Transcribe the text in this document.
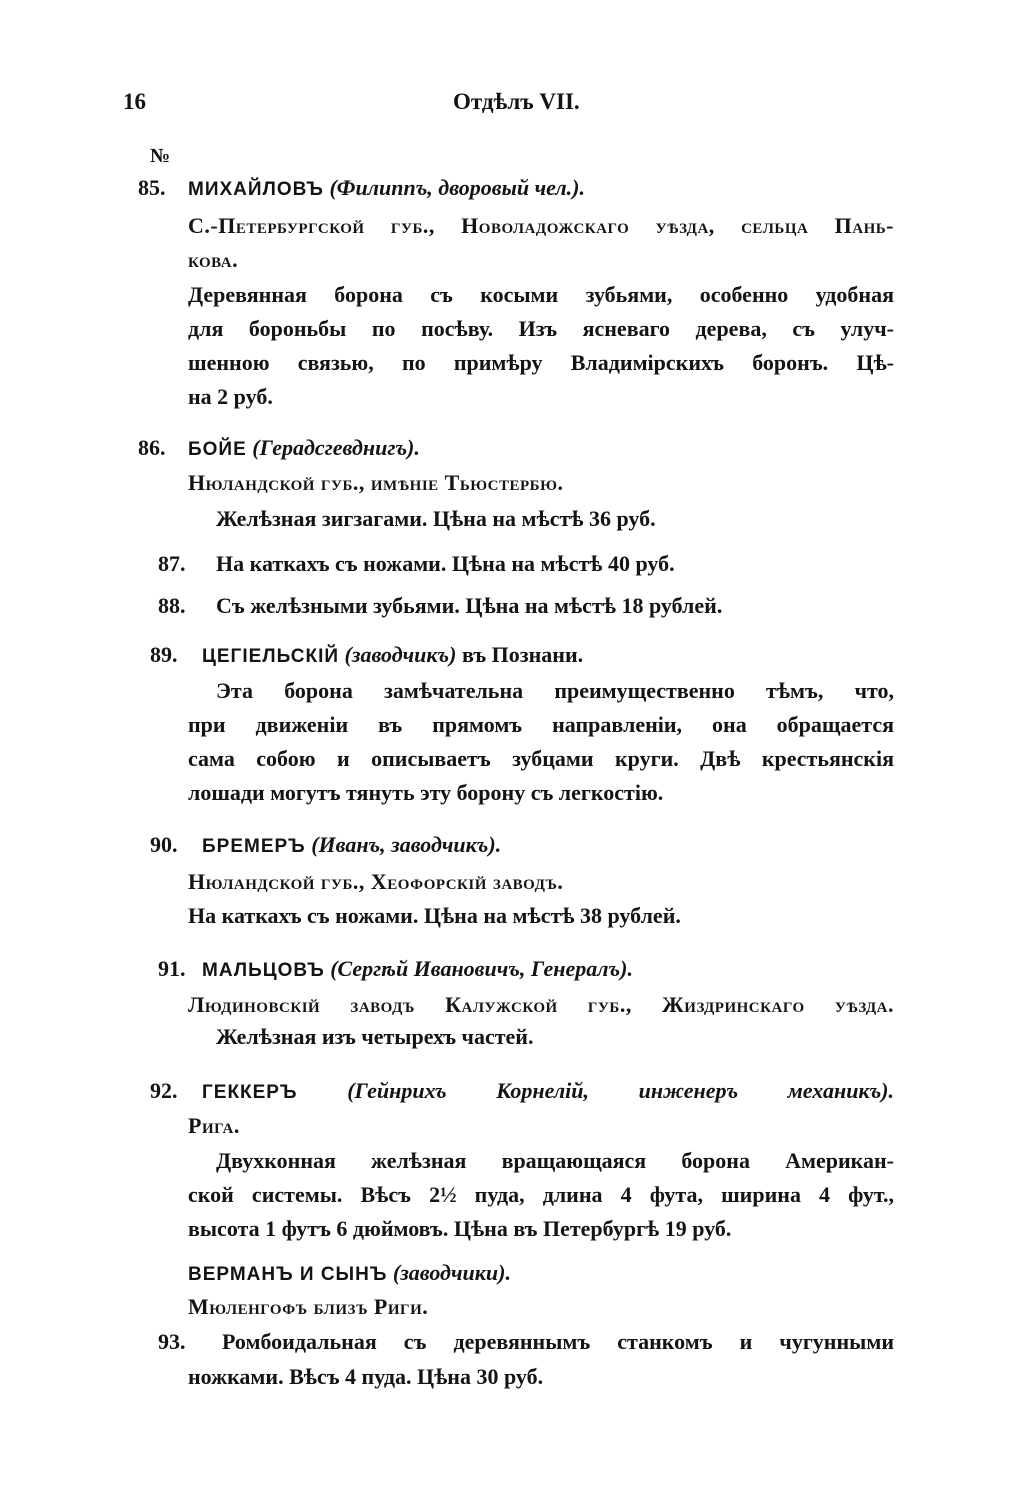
16	Отдѣлъ VII.
№
85. МИХАЙЛОВЪ (Филиппъ, дворовый чел.).
С.-Петербургской губ., Новоладожскаго уѣзда, сельца Пань-
кова.
Деревянная борона съ косыми зубьями, особенно удобная
для бороньбы по посѣву. Изъ ясневаго дерева, съ улуч-
шенною связью, по примѣру Владимірскихъ боронъ. Цѣ-
на 2 руб.
86. БОЙЕ (Герадсгевднигъ).
Нюландской губ., имѣніе Тьюстербю.
Желѣзная зигзагами. Цѣна на мѣстѣ 36 руб.
87. На каткахъ съ ножами. Цѣна на мѣстѣ 40 руб.
88. Съ желѣзными зубьями. Цѣна на мѣстѣ 18 рублей.
89. ЦЕГІЕЛЬСКІЙ (заводчикъ) въ Познани.
Эта борона замѣчательна преимущественно тѣмъ, что,
при движеніи въ прямомъ направленіи, она обращается
сама собою и описываетъ зубцами круги. Двѣ крестьянскія
лошади могутъ тянуть эту борону съ легкостію.
90. БРЕМЕРЪ (Иванъ, заводчикъ).
Нюландской губ., Хеофорскій заводъ.
На каткахъ съ ножами. Цѣна на мѣстѣ 38 рублей.
91. МАЛЬЦОВЪ (Сергѣй Ивановичъ, Генералъ).
Людиновскій заводъ Калужской губ., Жиздринскаго уѣзда.
Желѣзная изъ четырехъ частей.
92. ГЕККЕРЪ (Гейнрихъ Корнелій, инженеръ механикъ).
Рига.
Двухконная желѣзная вращающаяся борона Американ-
ской системы. Вѣсъ 2½ пуда, длина 4 фута, ширина 4 фут.,
высота 1 футъ 6 дюймовъ. Цѣна въ Петербургѣ 19 руб.
ВЕРМАНЪ И СЫНЪ (заводчики).
Мюленгофъ близъ Риги.
93. Ромбоидальная съ деревяннымъ станкомъ и чугунными
ножками. Вѣсъ 4 пуда. Цѣна 30 руб.
